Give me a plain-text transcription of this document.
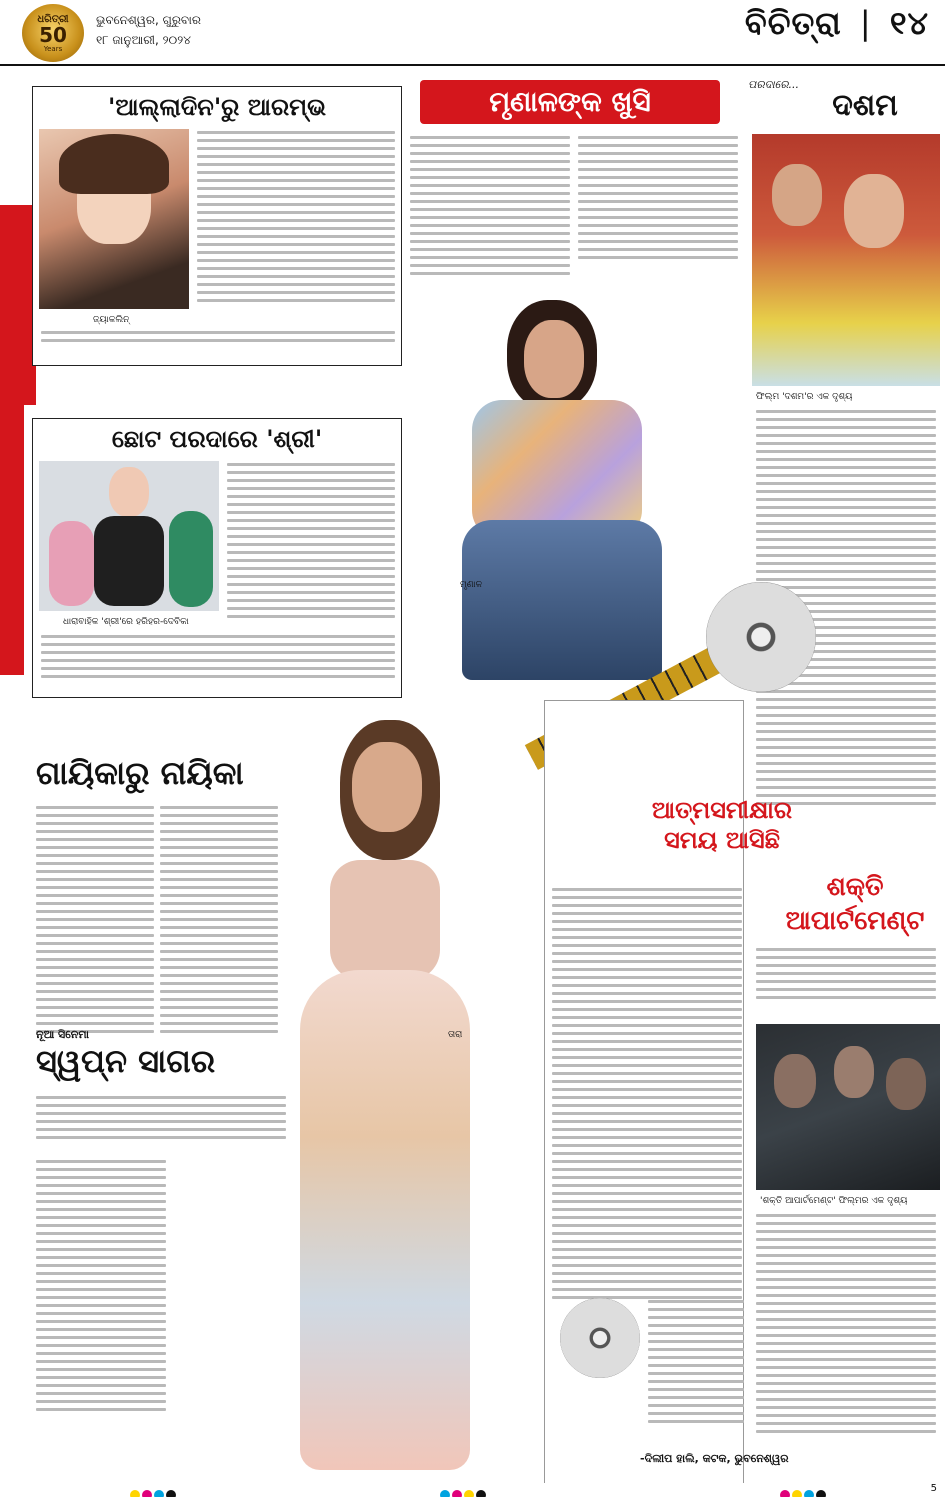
ଧରିତ୍ରୀ
50
Years
ଭୁବନେଶ୍ୱର, ଗୁରୁବାର
୧୮ ଜାନୁଆରୀ, ୨୦୨୪	ବିଚିତ୍ରା | ୧୪
'ଆଲ୍ଲାଦିନ'ରୁ ଆରମ୍ଭ
ଜ୍ୟାକଲିନ୍‌
ମୃଣାଳଙ୍କ ଖୁସି
ମୃଣାଳ
ପରଦାରେ...
ଦଶମ
ଫିଲ୍ମ 'ଦଶମ'ର ଏକ ଦୃଶ୍ୟ
ଛୋଟ ପରଦାରେ 'ଶ୍ରୀ'
ଧାରାବାହିକ 'ଶ୍ରୀ'ରେ ହରିହର-ଦେବିକା
ଗାୟିକାରୁ ନାୟିକା
ତାରା
ନୂଆ ସିନେମା
ସ୍ୱପ୍ନ ସାଗର
ଆତ୍ମସମୀକ୍ଷାର
ସମୟ ଆସିଛି
-ଦିଲୀପ ହାଲି, କଟକ, ଭୁବନେଶ୍ୱର
ଶକ୍ତି
ଆପାର୍ଟମେଣ୍ଟ
'ଶକ୍ତି ଆପାର୍ଟମେଣ୍ଟ' ଫିଲ୍ମର ଏକ ଦୃଶ୍ୟ
5
